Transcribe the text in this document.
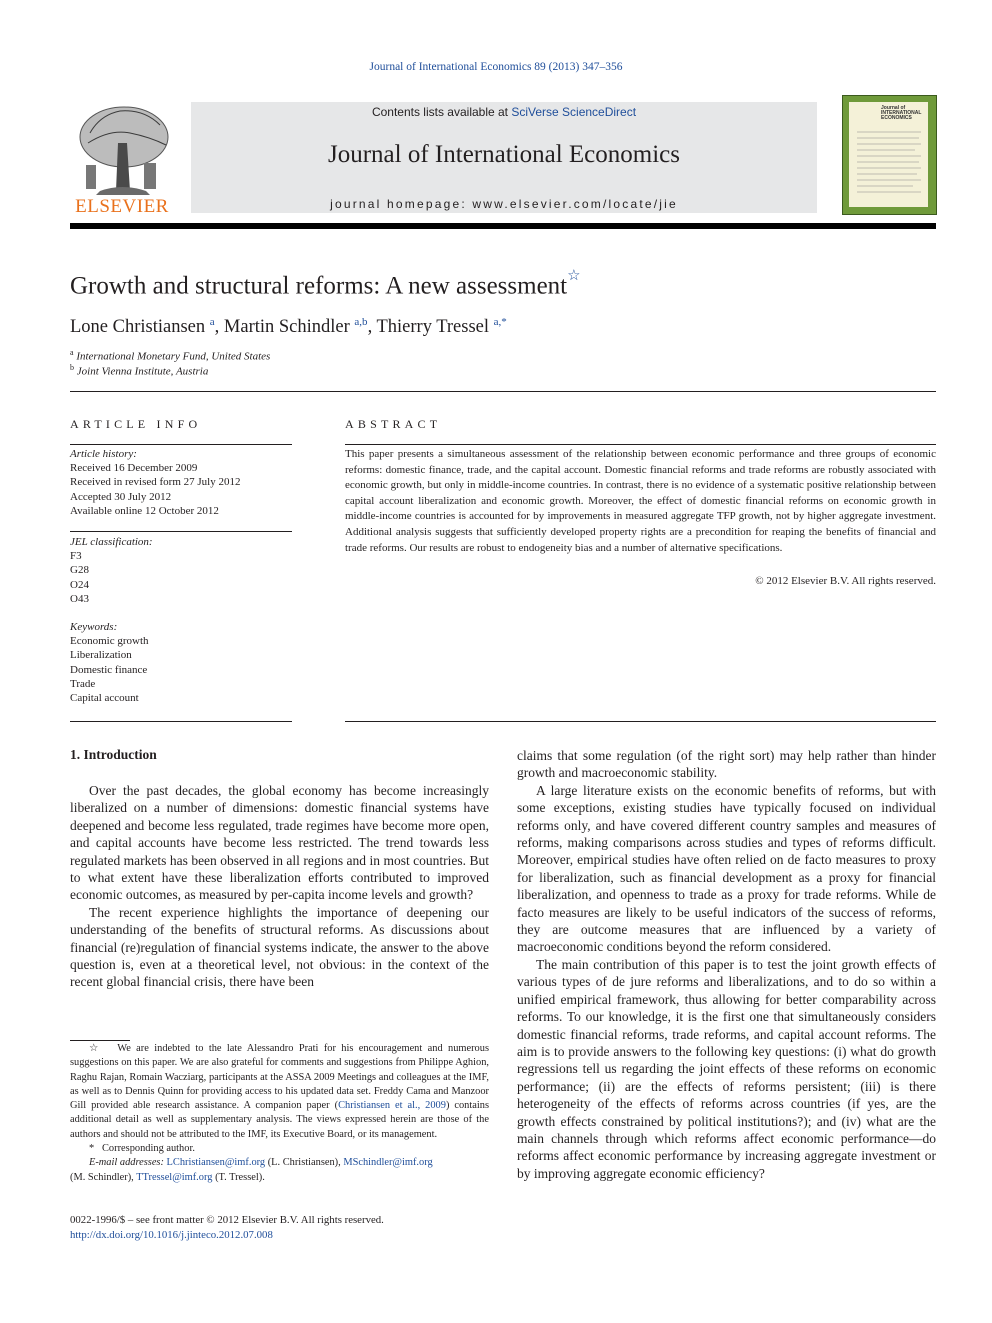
Journal of International Economics 89 (2013) 347–356
ELSEVIER
Contents lists available at SciVerse ScienceDirect
Journal of International Economics
journal homepage: www.elsevier.com/locate/jie
Journal of INTERNATIONAL ECONOMICS
Growth and structural reforms: A new assessment☆
Lone Christiansen $^a$, Martin Schindler $^{a,b}$, Thierry Tressel $^{a,*}$
$^a$ International Monetary Fund, United States
$^b$ Joint Vienna Institute, Austria
ARTICLE INFO
Article history:
Received 16 December 2009
Received in revised form 27 July 2012
Accepted 30 July 2012
Available online 12 October 2012
JEL classification:
F3
G28
O24
O43
Keywords:
Economic growth
Liberalization
Domestic finance
Trade
Capital account
ABSTRACT
This paper presents a simultaneous assessment of the relationship between economic performance and three groups of economic reforms: domestic finance, trade, and the capital account. Domestic financial reforms and trade reforms are robustly associated with economic growth, but only in middle-income countries. In contrast, there is no evidence of a systematic positive relationship between capital account liberalization and economic growth. Moreover, the effect of domestic financial reforms on economic growth in middle-income countries is accounted for by improvements in measured aggregate TFP growth, not by higher aggregate investment. Additional analysis suggests that sufficiently developed property rights are a precondition for reaping the benefits of financial and trade reforms. Our results are robust to endogeneity bias and a number of alternative specifications.
© 2012 Elsevier B.V. All rights reserved.
1. Introduction

Over the past decades, the global economy has become increasingly liberalized on a number of dimensions: domestic financial systems have deepened and become less regulated, trade regimes have become more open, and capital accounts have become less restricted. The trend towards less regulated markets has been observed in all regions and in most countries. But to what extent have these liberalization efforts contributed to improved economic outcomes, as measured by per-capita income levels and growth?

The recent experience highlights the importance of deepening our understanding of the benefits of structural reforms. As discussions about financial (re)regulation of financial systems indicate, the answer to the above question is, even at a theoretical level, not obvious: in the context of the recent global financial crisis, there have been

claims that some regulation (of the right sort) may help rather than hinder growth and macroeconomic stability.

A large literature exists on the economic benefits of reforms, but with some exceptions, existing studies have typically focused on individual reforms only, and have covered different country samples and measures of reforms, making comparisons across studies and types of reforms difficult. Moreover, empirical studies have often relied on de facto measures to proxy for liberalization, such as financial development as a proxy for financial liberalization, and openness to trade as a proxy for trade reforms. While de facto measures are likely to be useful indicators of the success of reforms, they are outcome measures that are influenced by a variety of macroeconomic conditions beyond the reform considered.

The main contribution of this paper is to test the joint growth effects of various types of de jure reforms and liberalizations, and to do so within a unified empirical framework, thus allowing for better comparability across reforms. To our knowledge, it is the first one that simultaneously considers domestic financial reforms, trade reforms, and capital account reforms. The aim is to provide answers to the following key questions: (i) what do growth regressions tell us regarding the joint effects of these reforms on economic performance; (ii) are the effects of reforms persistent; (iii) is there heterogeneity of the effects of reforms across countries (if yes, are the growth effects constrained by political institutions?); and (iv) what are the main channels through which reforms affect economic performance—do reforms affect economic performance by increasing aggregate investment or by improving aggregate economic efficiency?

☆ We are indebted to the late Alessandro Prati for his encouragement and numerous suggestions on this paper. We are also grateful for comments and suggestions from Philippe Aghion, Raghu Rajan, Romain Wacziarg, participants at the ASSA 2009 Meetings and colleagues at the IMF, as well as to Dennis Quinn for providing access to his updated data set. Freddy Cama and Manzoor Gill provided able research assistance. A companion paper (Christiansen et al., 2009) contains additional detail as well as supplementary analysis. The views expressed herein are those of the authors and should not be attributed to the IMF, its Executive Board, or its management.

* Corresponding author.

E-mail addresses: LChristiansen@imf.org (L. Christiansen), MSchindler@imf.org

(M. Schindler), TTressel@imf.org (T. Tressel).

0022-1996/$ – see front matter © 2012 Elsevier B.V. All rights reserved.
http://dx.doi.org/10.1016/j.jinteco.2012.07.008
